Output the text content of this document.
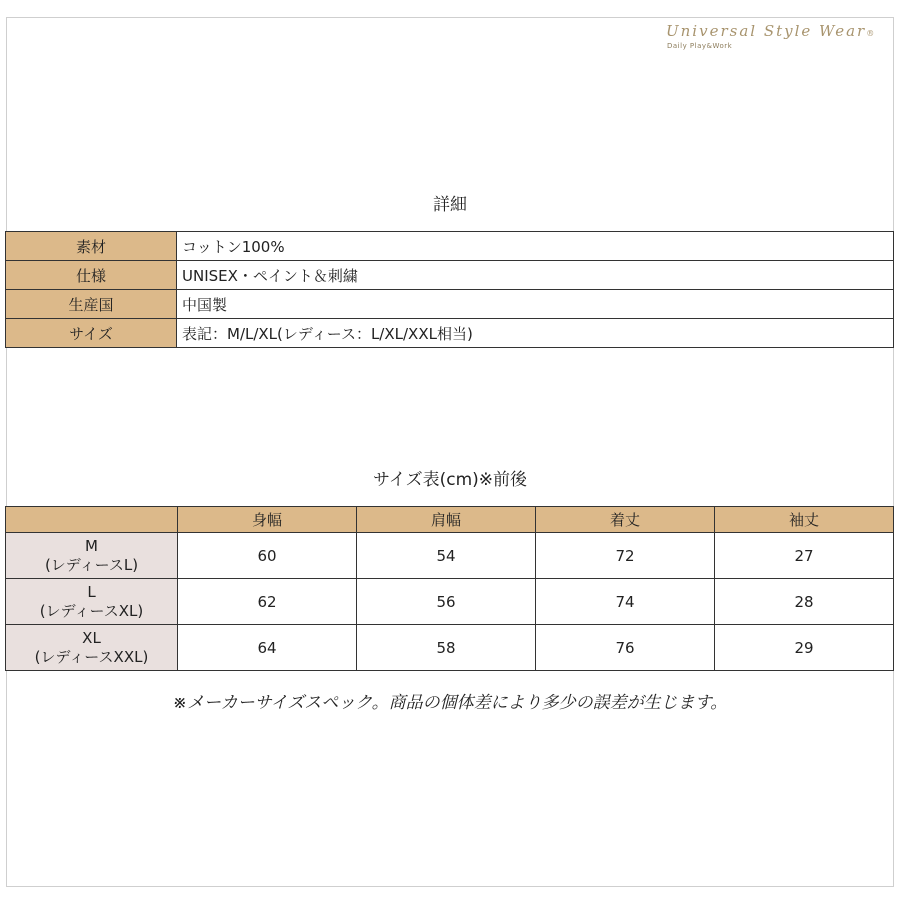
Universal Style Wear®
Daily Play&Work
詳細
素材	コットン100%
仕様	UNISEX・ペイント＆刺繍
生産国	中国製
サイズ	表記：M/L/XL(レディース：L/XL/XXL相当)
サイズ表(cm)※前後
	身幅	肩幅	着丈	袖丈

M
(レディースL)	60	54	72	27

L
(レディースXL)	62	56	74	28

XL
(レディースXXL)	64	58	76	29
※メーカーサイズスペック。商品の個体差により多少の誤差が生じます。
